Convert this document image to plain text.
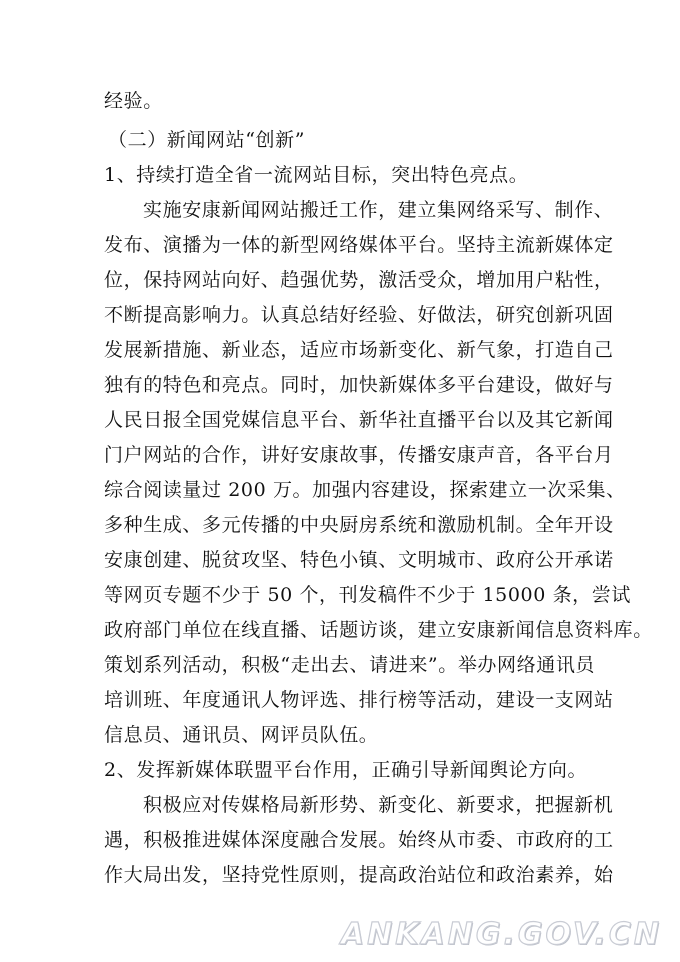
经验。
（二）新闻网站“创新”
1、持续打造全省一流网站目标，突出特色亮点。
实施安康新闻网站搬迁工作，建立集网络采写、制作、
发布、演播为一体的新型网络媒体平台。坚持主流新媒体定
位，保持网站向好、趋强优势，激活受众，增加用户粘性，
不断提高影响力。认真总结好经验、好做法，研究创新巩固
发展新措施、新业态，适应市场新变化、新气象，打造自己
独有的特色和亮点。同时，加快新媒体多平台建设，做好与
人民日报全国党媒信息平台、新华社直播平台以及其它新闻
门户网站的合作，讲好安康故事，传播安康声音，各平台月
综合阅读量过 200 万。加强内容建设，探索建立一次采集、
多种生成、多元传播的中央厨房系统和激励机制。全年开设
安康创建、脱贫攻坚、特色小镇、文明城市、政府公开承诺
等网页专题不少于 50 个，刊发稿件不少于 15000 条，尝试
政府部门单位在线直播、话题访谈，建立安康新闻信息资料库。
策划系列活动，积极“走出去、请进来”。举办网络通讯员
培训班、年度通讯人物评选、排行榜等活动，建设一支网站
信息员、通讯员、网评员队伍。
2、发挥新媒体联盟平台作用，正确引导新闻舆论方向。
积极应对传媒格局新形势、新变化、新要求，把握新机
遇，积极推进媒体深度融合发展。始终从市委、市政府的工
作大局出发，坚持党性原则，提高政治站位和政治素养，始
ANKANG.GOV.CN
